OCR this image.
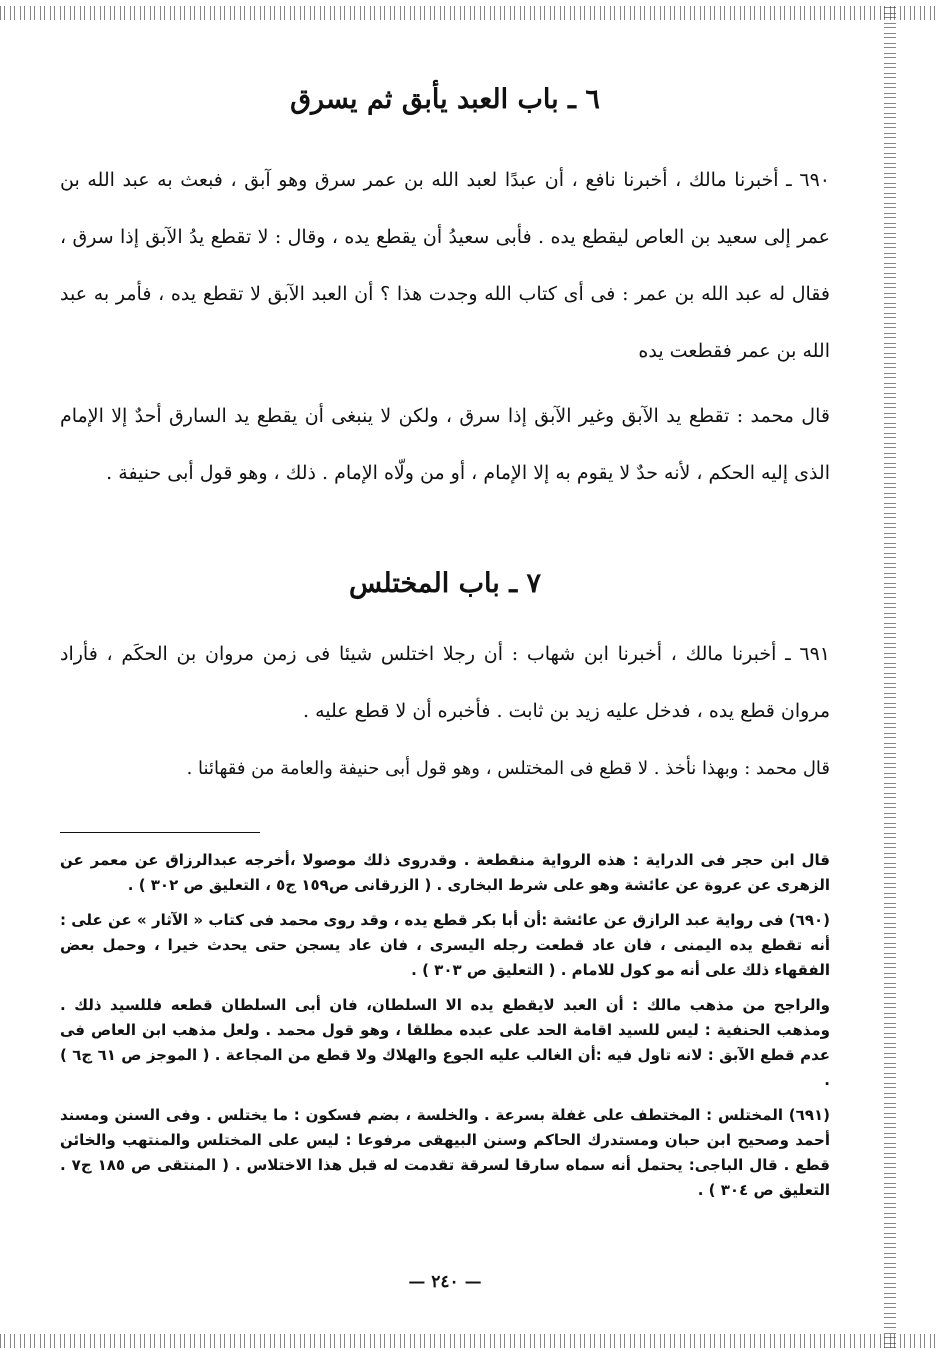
٦ ـ باب العبد يأبق ثم يسرق

٦٩٠ ـ أخبرنا مالك ، أخبرنا نافع ، أن عبدًا لعبد الله بن عمر سرق وهو آبق ، فبعث به عبد الله بن عمر إلى سعيد بن العاص ليقطع يده . فأبى سعيدُ أن يقطع يده ، وقال : لا تقطع يدُ الآبق إذا سرق ، فقال له عبد الله بن عمر : فى أى كتاب الله وجدت هذا ؟ أن العبد الآبق لا تقطع يده ، فأمر به عبد الله بن عمر فقطعت يده

قال محمد : تقطع يد الآبق وغير الآبق إذا سرق ، ولكن لا ينبغى أن يقطع يد السارق أحدٌ إلا الإمام الذى إليه الحكم ، لأنه حدٌ لا يقوم به إلا الإمام ، أو من ولّاه الإمام . ذلك ، وهو قول أبى حنيفة .

٧ ـ باب المختلس

٦٩١ ـ أخبرنا مالك ، أخبرنا ابن شهاب : أن رجلا اختلس شيئا فى زمن مروان بن الحكَم ، فأراد مروان قطع يده ، فدخل عليه زيد بن ثابت . فأخبره أن لا قطع عليه .

قال محمد : وبهذا نأخذ . لا قطع فى المختلس ، وهو قول أبى حنيفة والعامة من فقهائنا .

قال ابن حجر فى الدراية : هذه الرواية منقطعة . وقدروى ذلك موصولا ،أخرجه عبدالرزاق عن معمر عن الزهرى عن عروة عن عائشة وهو على شرط البخارى . ( الزرقانى ص١٥٩ ج٥ ، التعليق ص ٣٠٢ ) .

(٦٩٠) فى رواية عبد الرازق عن عائشة :أن أبا بكر قطع يده ، وقد روى محمد فى كتاب « الآثار » عن على : أنه تقطع يده اليمنى ، فان عاد قطعت رجله اليسرى ، فان عاد يسجن حتى يحدث خيرا ، وحمل بعض الفقهاء ذلك على أنه مو كول للامام . ( التعليق ص ٣٠٣ ) .

والراجح من مذهب مالك : أن العبد لايقطع يده الا السلطان، فان أبى السلطان قطعه فللسيد ذلك . ومذهب الحنفية : ليس للسيد اقامة الحد على عبده مطلقا ، وهو قول محمد . ولعل مذهب ابن العاص فى عدم قطع الآبق : لانه تاول فيه :أن الغالب عليه الجوع والهلاك ولا قطع من المجاعة . ( الموجز ص ٦١ ج٦ ) .

(٦٩١) المختلس : المختطف على غفلة بسرعة . والخلسة ، بضم فسكون : ما يختلس . وفى السنن ومسند أحمد وصحيح ابن حبان ومستدرك الحاكم وسنن البيهقى مرفوعا : ليس على المختلس والمنتهب والخائن قطع . قال الباجى: يحتمل أنه سماه سارقا لسرقة تقدمت له قبل هذا الاختلاس . ( المنتقى ص ١٨٥ ج٧ . التعليق ص ٣٠٤ ) .

— ٢٤٠ —
